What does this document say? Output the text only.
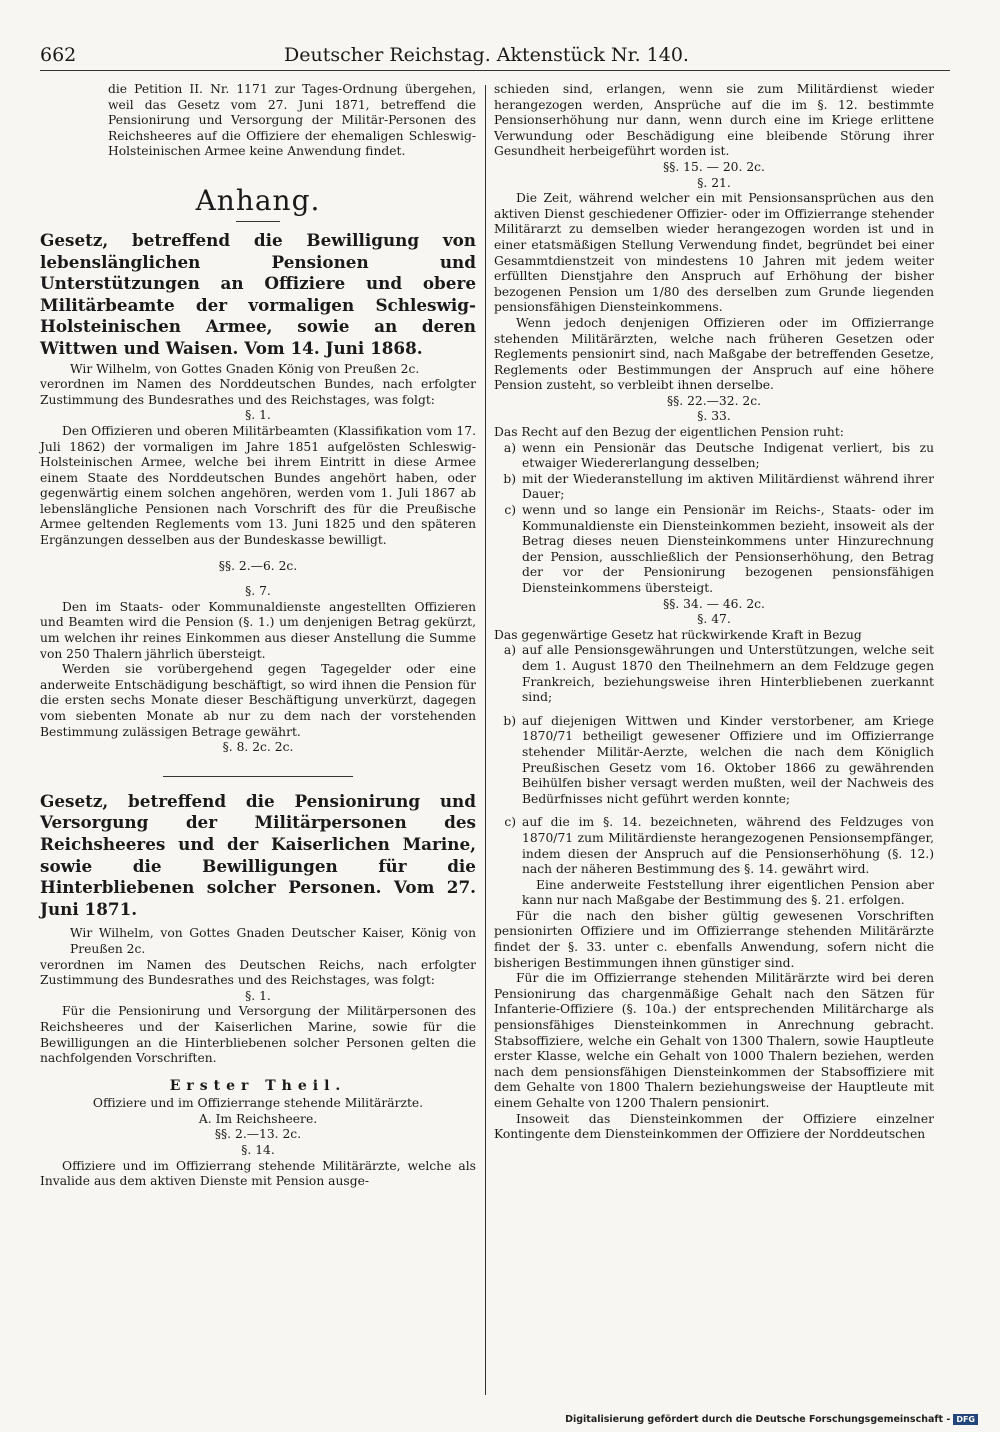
662	Deutscher Reichstag. Aktenstück Nr. 140.

die Petition II. Nr. 1171 zur Tages-Ordnung übergehen, weil das Gesetz vom 27. Juni 1871, betreffend die Pensionirung und Versorgung der Militär-Personen des Reichsheeres auf die Offiziere der ehemaligen Schleswig-Holsteinischen Armee keine Anwendung findet.

Anhang.

Gesetz, betreffend die Bewilligung von lebenslänglichen Pensionen und Unterstützungen an Offiziere und obere Militärbeamte der vormaligen Schleswig-Holsteinischen Armee, sowie an deren Wittwen und Waisen. Vom 14. Juni 1868.

Wir Wilhelm, von Gottes Gnaden König von Preußen 2c.

verordnen im Namen des Norddeutschen Bundes, nach erfolgter Zustimmung des Bundesrathes und des Reichstages, was folgt:

§. 1.

Den Offizieren und oberen Militärbeamten (Klassifikation vom 17. Juli 1862) der vormaligen im Jahre 1851 aufgelösten Schleswig-Holsteinischen Armee, welche bei ihrem Eintritt in diese Armee einem Staate des Norddeutschen Bundes angehört haben, oder gegenwärtig einem solchen angehören, werden vom 1. Juli 1867 ab lebenslängliche Pensionen nach Vorschrift des für die Preußische Armee geltenden Reglements vom 13. Juni 1825 und den späteren Ergänzungen desselben aus der Bundeskasse bewilligt.

§§. 2.—6. 2c.

§. 7.

Den im Staats- oder Kommunaldienste angestellten Offizieren und Beamten wird die Pension (§. 1.) um denjenigen Betrag gekürzt, um welchen ihr reines Einkommen aus dieser Anstellung die Summe von 250 Thalern jährlich übersteigt.

Werden sie vorübergehend gegen Tagegelder oder eine anderweite Entschädigung beschäftigt, so wird ihnen die Pension für die ersten sechs Monate dieser Beschäftigung unverkürzt, dagegen vom siebenten Monate ab nur zu dem nach der vorstehenden Bestimmung zulässigen Betrage gewährt.

§. 8. 2c. 2c.

Gesetz, betreffend die Pensionirung und Versorgung der Militärpersonen des Reichsheeres und der Kaiserlichen Marine, sowie die Bewilligungen für die Hinterbliebenen solcher Personen. Vom 27. Juni 1871.

Wir Wilhelm, von Gottes Gnaden Deutscher Kaiser, König von Preußen 2c.

verordnen im Namen des Deutschen Reichs, nach erfolgter Zustimmung des Bundesrathes und des Reichstages, was folgt:

§. 1.

Für die Pensionirung und Versorgung der Militärpersonen des Reichsheeres und der Kaiserlichen Marine, sowie für die Bewilligungen an die Hinterbliebenen solcher Personen gelten die nachfolgenden Vorschriften.

Erster Theil.

Offiziere und im Offizierrange stehende Militärärzte.

A. Im Reichsheere.

§§. 2.—13. 2c.

§. 14.

Offiziere und im Offizierrang stehende Militärärzte, welche als Invalide aus dem aktiven Dienste mit Pension ausge-

schieden sind, erlangen, wenn sie zum Militärdienst wieder herangezogen werden, Ansprüche auf die im §. 12. bestimmte Pensionserhöhung nur dann, wenn durch eine im Kriege erlittene Verwundung oder Beschädigung eine bleibende Störung ihrer Gesundheit herbeigeführt worden ist.

§§. 15. — 20. 2c.

§. 21.

Die Zeit, während welcher ein mit Pensionsansprüchen aus den aktiven Dienst geschiedener Offizier- oder im Offizierrange stehender Militärarzt zu demselben wieder herangezogen worden ist und in einer etatsmäßigen Stellung Verwendung findet, begründet bei einer Gesammtdienstzeit von mindestens 10 Jahren mit jedem weiter erfüllten Dienstjahre den Anspruch auf Erhöhung der bisher bezogenen Pension um 1/80 des derselben zum Grunde liegenden pensionsfähigen Diensteinkommens.

Wenn jedoch denjenigen Offizieren oder im Offizierrange stehenden Militärärzten, welche nach früheren Gesetzen oder Reglements pensionirt sind, nach Maßgabe der betreffenden Gesetze, Reglements oder Bestimmungen der Anspruch auf eine höhere Pension zusteht, so verbleibt ihnen derselbe.

§§. 22.—32. 2c.

§. 33.

Das Recht auf den Bezug der eigentlichen Pension ruht:

a) wenn ein Pensionär das Deutsche Indigenat verliert, bis zu etwaiger Wiedererlangung desselben;
b) mit der Wiederanstellung im aktiven Militärdienst während ihrer Dauer;
c) wenn und so lange ein Pensionär im Reichs-, Staats- oder im Kommunaldienste ein Diensteinkommen bezieht, insoweit als der Betrag dieses neuen Diensteinkommens unter Hinzurechnung der Pension, ausschließlich der Pensionserhöhung, den Betrag der vor der Pensionirung bezogenen pensionsfähigen Diensteinkommens übersteigt.

§§. 34. — 46. 2c.

§. 47.

Das gegenwärtige Gesetz hat rückwirkende Kraft in Bezug

a) auf alle Pensionsgewährungen und Unterstützungen, welche seit dem 1. August 1870 den Theilnehmern an dem Feldzuge gegen Frankreich, beziehungsweise ihren Hinterbliebenen zuerkannt sind;
b) auf diejenigen Wittwen und Kinder verstorbener, am Kriege 1870/71 betheiligt gewesener Offiziere und im Offizierrange stehender Militär-Aerzte, welchen die nach dem Königlich Preußischen Gesetz vom 16. Oktober 1866 zu gewährenden Beihülfen bisher versagt werden mußten, weil der Nachweis des Bedürfnisses nicht geführt werden konnte;
c) auf die im §. 14. bezeichneten, während des Feldzuges von 1870/71 zum Militärdienste herangezogenen Pensionsempfänger, indem diesen der Anspruch auf die Pensionserhöhung (§. 12.) nach der näheren Bestimmung des §. 14. gewährt wird.

Eine anderweite Feststellung ihrer eigentlichen Pension aber kann nur nach Maßgabe der Bestimmung des §. 21. erfolgen.

Für die nach den bisher gültig gewesenen Vorschriften pensionirten Offiziere und im Offizierrange stehenden Militärärzte findet der §. 33. unter c. ebenfalls Anwendung, sofern nicht die bisherigen Bestimmungen ihnen günstiger sind.

Für die im Offizierrange stehenden Militärärzte wird bei deren Pensionirung das chargenmäßige Gehalt nach den Sätzen für Infanterie-Offiziere (§. 10a.) der entsprechenden Militärcharge als pensionsfähiges Diensteinkommen in Anrechnung gebracht. Stabsoffiziere, welche ein Gehalt von 1300 Thalern, sowie Hauptleute erster Klasse, welche ein Gehalt von 1000 Thalern beziehen, werden nach dem pensionsfähigen Diensteinkommen der Stabsoffiziere mit dem Gehalte von 1800 Thalern beziehungsweise der Hauptleute mit einem Gehalte von 1200 Thalern pensionirt.

Insoweit das Diensteinkommen der Offiziere einzelner Kontingente dem Diensteinkommen der Offiziere der Norddeutschen

Digitalisierung gefördert durch die Deutsche Forschungsgemeinschaft - DFG
